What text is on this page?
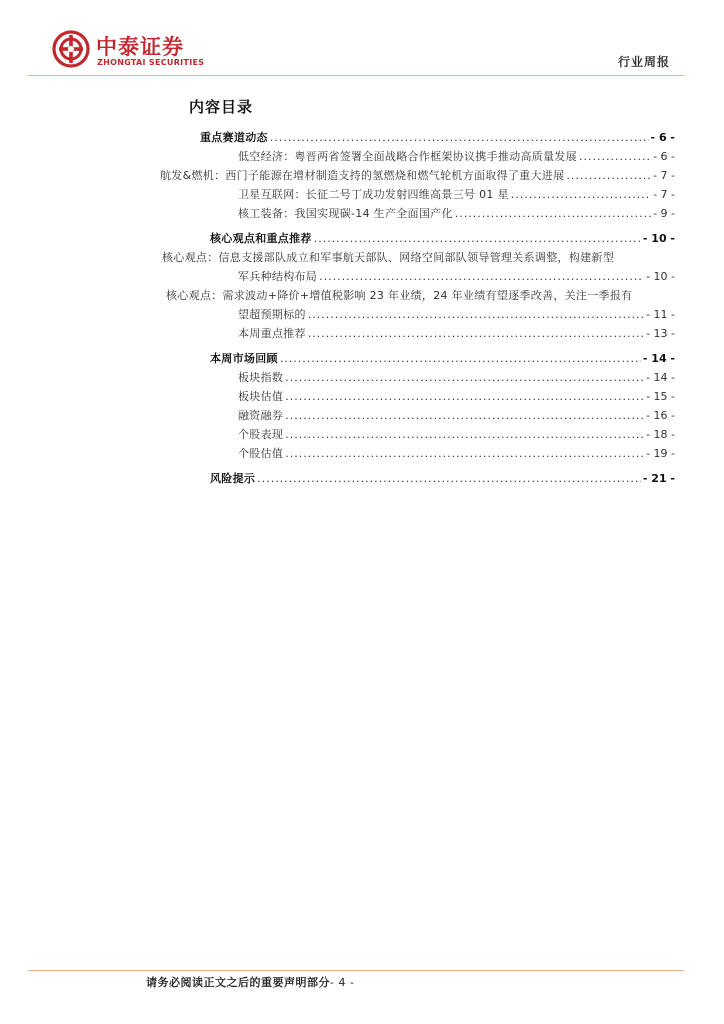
中泰证券
ZHONGTAI SECURITIES	行业周报
内容目录
重点赛道动态 .....	- 6 -
低空经济：粤晋两省签署全面战略合作框架协议携手推动高质量发展 .....	- 6 -
航发&燃机：西门子能源在增材制造支持的氢燃烧和燃气轮机方面取得了重大进展 .....	- 7 -
卫星互联网：长征二号丁成功发射四维高景三号 01 星 .....	- 7 -
核工装备：我国实现碳-14 生产全面国产化 .....	- 9 -
核心观点和重点推荐 .....	- 10 -
核心观点：信息支援部队成立和军事航天部队、网络空间部队领导管理关系调整，构建新型
军兵种结构布局 .....	- 10 -
核心观点：需求波动+降价+增值税影响 23 年业绩，24 年业绩有望逐季改善，关注一季报有
望超预期标的 .....	- 11 -
本周重点推荐 .....	- 13 -
本周市场回顾 .....	- 14 -
板块指数 .....	- 14 -
板块估值 .....	- 15 -
融资融券 .....	- 16 -
个股表现 .....	- 18 -
个股估值 .....	- 19 -
风险提示 .....	- 21 -
请务必阅读正文之后的重要声明部分- 4 -
